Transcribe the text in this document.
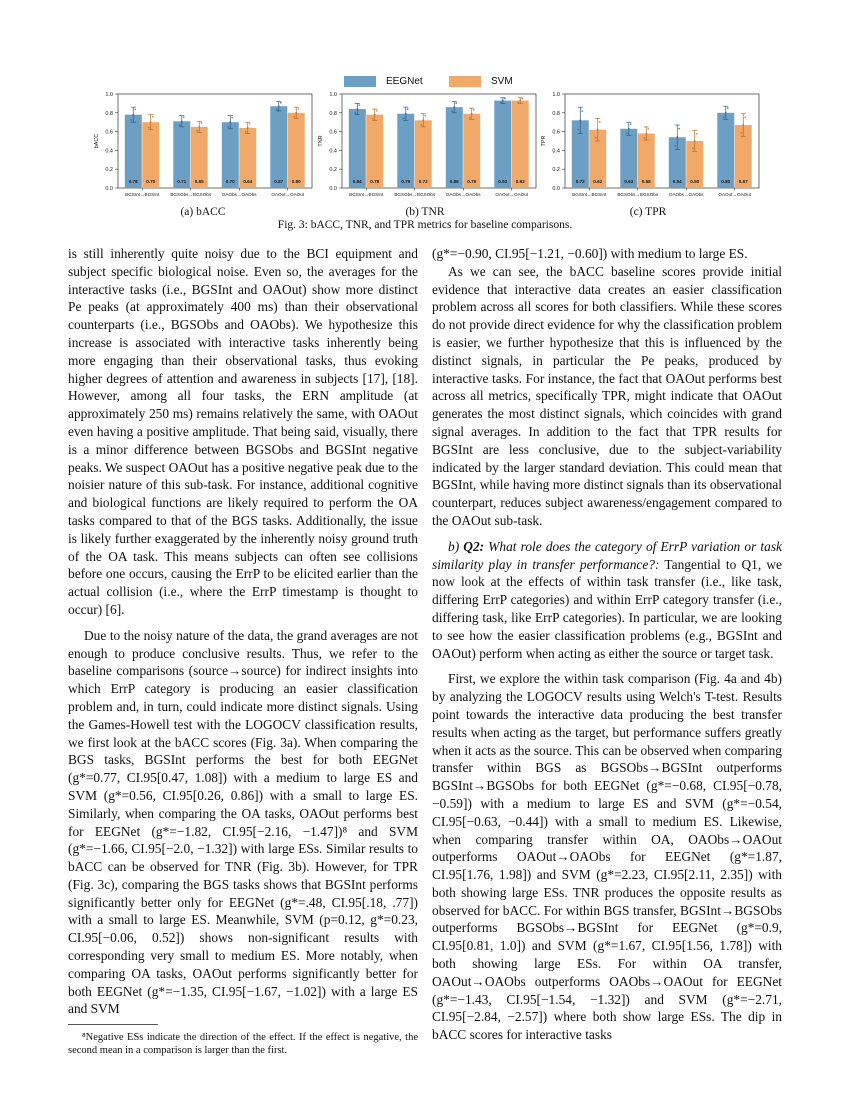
EEGNet	SVM
0.0
0.2
0.4
0.6
0.8
1.0
bACC
0.78 0.70
BGSInt→BGSInt
0.71 0.65
BGSObs→BGSObs
0.70 0.64
OAObs→OAObs
0.87 0.80
OAOut→OAOut
0.0
0.2
0.4
0.6
0.8
1.0
TNR
0.84 0.78
BGSInt→BGSInt
0.79 0.72
BGSObs→BGSObs
0.86 0.79
OAObs→OAObs
0.93 0.93
OAOut→OAOut
0.0
0.2
0.4
0.6
0.8
1.0
TPR
0.72 0.62
BGSInt→BGSInt
0.63 0.58
BGSObs→BGSObs
0.54 0.50
OAObs→OAObs
0.80 0.67
OAOut→OAOut
(a) bACC	(b) TNR	(c) TPR
Fig. 3: bACC, TNR, and TPR metrics for baseline comparisons.

is still inherently quite noisy due to the BCI equipment and subject specific biological noise. Even so, the averages for the interactive tasks (i.e., BGSInt and OAOut) show more distinct Pe peaks (at approximately 400 ms) than their observational counterparts (i.e., BGSObs and OAObs). We hypothesize this increase is associated with interactive tasks inherently being more engaging than their observational tasks, thus evoking higher degrees of attention and awareness in subjects [17], [18]. However, among all four tasks, the ERN amplitude (at approximately 250 ms) remains relatively the same, with OAOut even having a positive amplitude. That being said, visually, there is a minor difference between BGSObs and BGSInt negative peaks. We suspect OAOut has a positive negative peak due to the noisier nature of this sub-task. For instance, additional cognitive and biological functions are likely required to perform the OA tasks compared to that of the BGS tasks. Additionally, the issue is likely further exaggerated by the inherently noisy ground truth of the OA task. This means subjects can often see collisions before one occurs, causing the ErrP to be elicited earlier than the actual collision (i.e., where the ErrP timestamp is thought to occur) [6].

Due to the noisy nature of the data, the grand averages are not enough to produce conclusive results. Thus, we refer to the baseline comparisons (source→source) for indirect insights into which ErrP category is producing an easier classification problem and, in turn, could indicate more distinct signals. Using the Games-Howell test with the LOGOCV classification results, we first look at the bACC scores (Fig. 3a). When comparing the BGS tasks, BGSInt performs the best for both EEGNet (g*=0.77, CI.95[0.47, 1.08]) with a medium to large ES and SVM (g*=0.56, CI.95[0.26, 0.86]) with a small to large ES. Similarly, when comparing the OA tasks, OAOut performs best for EEGNet (g*=−1.82, CI.95[−2.16, −1.47])⁸ and SVM (g*=−1.66, CI.95[−2.0, −1.32]) with large ESs. Similar results to bACC can be observed for TNR (Fig. 3b). However, for TPR (Fig. 3c), comparing the BGS tasks shows that BGSInt performs significantly better only for EEGNet (g*=.48, CI.95[.18, .77]) with a small to large ES. Meanwhile, SVM (p=0.12, g*=0.23, CI.95[−0.06, 0.52]) shows non-significant results with corresponding very small to medium ES. More notably, when comparing OA tasks, OAOut performs significantly better for both EEGNet (g*=−1.35, CI.95[−1.67, −1.02]) with a large ES and SVM

⁸Negative ESs indicate the direction of the effect. If the effect is negative, the second mean in a comparison is larger than the first.

(g*=−0.90, CI.95[−1.21, −0.60]) with medium to large ES.

As we can see, the bACC baseline scores provide initial evidence that interactive data creates an easier classification problem across all scores for both classifiers. While these scores do not provide direct evidence for why the classification problem is easier, we further hypothesize that this is influenced by the distinct signals, in particular the Pe peaks, produced by interactive tasks. For instance, the fact that OAOut performs best across all metrics, specifically TPR, might indicate that OAOut generates the most distinct signals, which coincides with grand signal averages. In addition to the fact that TPR results for BGSInt are less conclusive, due to the subject-variability indicated by the larger standard deviation. This could mean that BGSInt, while having more distinct signals than its observational counterpart, reduces subject awareness/engagement compared to the OAOut sub-task.

b) Q2: What role does the category of ErrP variation or task similarity play in transfer performance?: Tangential to Q1, we now look at the effects of within task transfer (i.e., like task, differing ErrP categories) and within ErrP category transfer (i.e., differing task, like ErrP categories). In particular, we are looking to see how the easier classification problems (e.g., BGSInt and OAOut) perform when acting as either the source or target task.

First, we explore the within task comparison (Fig. 4a and 4b) by analyzing the LOGOCV results using Welch's T-test. Results point towards the interactive data producing the best transfer results when acting as the target, but performance suffers greatly when it acts as the source. This can be observed when comparing transfer within BGS as BGSObs→BGSInt outperforms BGSInt→BGSObs for both EEGNet (g*=−0.68, CI.95[−0.78, −0.59]) with a medium to large ES and SVM (g*=−0.54, CI.95[−0.63, −0.44]) with a small to medium ES. Likewise, when comparing transfer within OA, OAObs→OAOut outperforms OAOut→OAObs for EEGNet (g*=1.87, CI.95[1.76, 1.98]) and SVM (g*=2.23, CI.95[2.11, 2.35]) with both showing large ESs. TNR produces the opposite results as observed for bACC. For within BGS transfer, BGSInt→BGSObs outperforms BGSObs→BGSInt for EEGNet (g*=0.9, CI.95[0.81, 1.0]) and SVM (g*=1.67, CI.95[1.56, 1.78]) with both showing large ESs. For within OA transfer, OAOut→OAObs outperforms OAObs→OAOut for EEGNet (g*=−1.43, CI.95[−1.54, −1.32]) and SVM (g*=−2.71, CI.95[−2.84, −2.57]) where both show large ESs. The dip in bACC scores for interactive tasks
